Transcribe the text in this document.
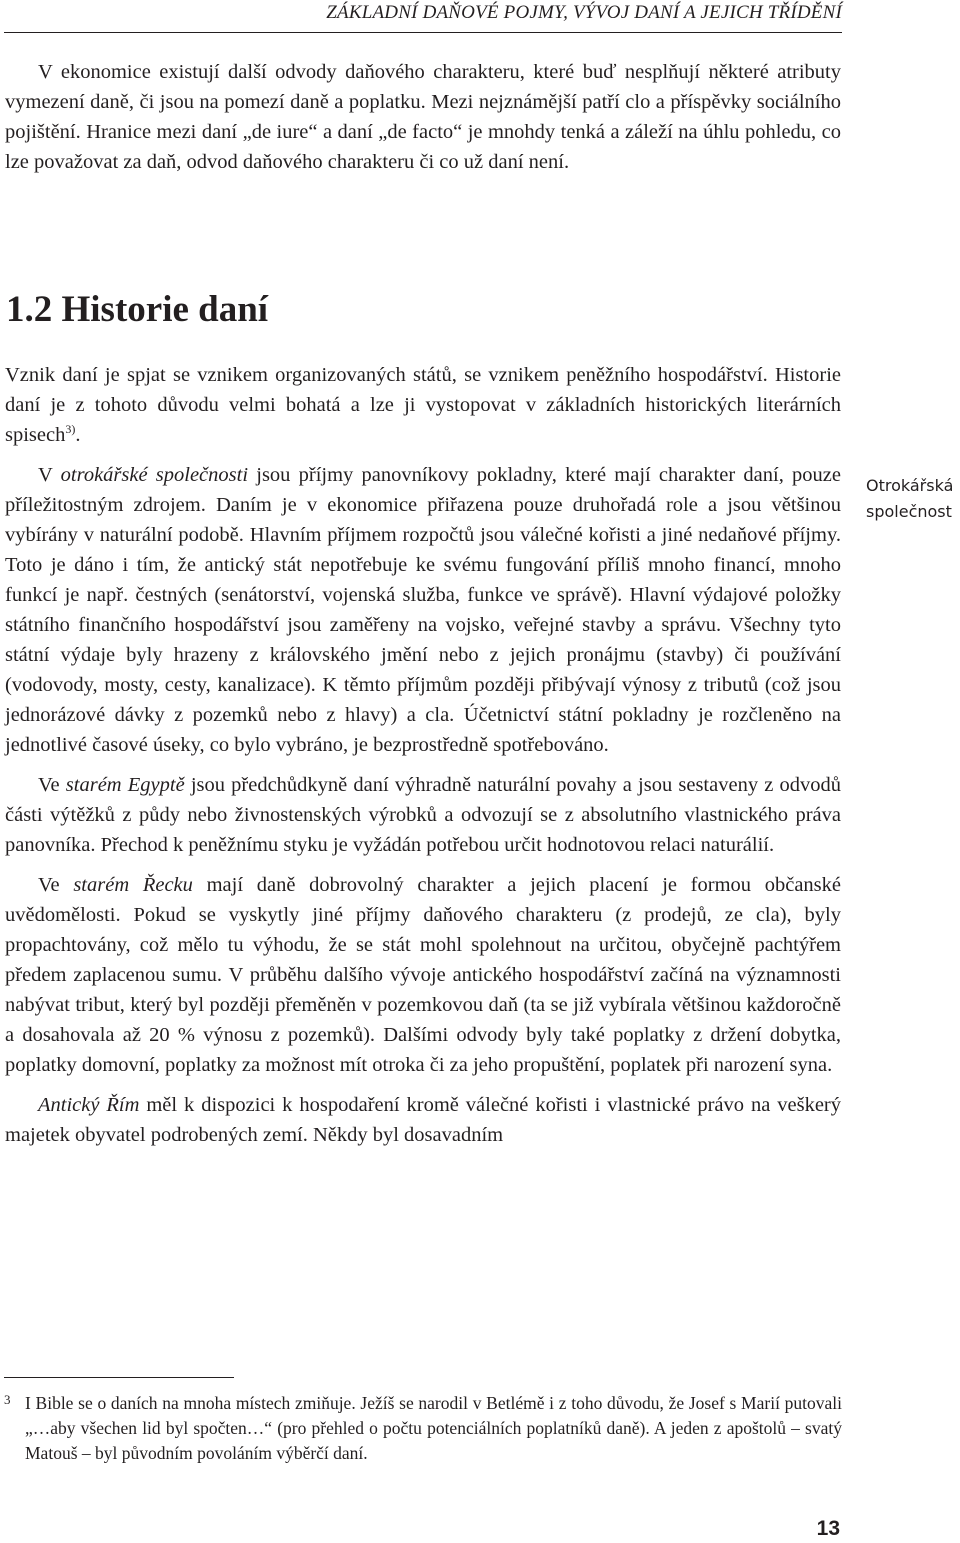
ZÁKLADNÍ DAŇOVÉ POJMY, VÝVOJ DANÍ A JEJICH TŘÍDĚNÍ

V ekonomice existují další odvody daňového charakteru, které buď nesplňují některé atributy vymezení daně, či jsou na pomezí daně a poplatku. Mezi nejznámější patří clo a příspěvky sociálního pojištění. Hranice mezi daní „de iure“ a daní „de facto“ je mnohdy tenká a záleží na úhlu pohledu, co lze považovat za daň, odvod daňového charakteru či co už daní není.

1.2 Historie daní

Vznik daní je spjat se vznikem organizovaných států, se vznikem peněžního hospodářství. Historie daní je z tohoto důvodu velmi bohatá a lze ji vystopovat v základních historických literárních spisech$^{3)}$.

V otrokářské společnosti jsou příjmy panovníkovy pokladny, které mají charakter daní, pouze příležitostným zdrojem. Daním je v ekonomice přiřazena pouze druhořadá role a jsou většinou vybírány v naturální podobě. Hlavním příjmem rozpočtů jsou válečné kořisti a jiné nedaňové příjmy. Toto je dáno i tím, že antický stát nepotřebuje ke svému fungování příliš mnoho financí, mnoho funkcí je např. čestných (senátorství, vojenská služba, funkce ve správě). Hlavní výdajové položky státního finančního hospodářství jsou zaměřeny na vojsko, veřejné stavby a správu. Všechny tyto státní výdaje byly hrazeny z královského jmění nebo z jejich pronájmu (stavby) či používání (vodovody, mosty, cesty, kanalizace). K těmto příjmům později přibývají výnosy z tributů (což jsou jednorázové dávky z pozemků nebo z hlavy) a cla. Účetnictví státní pokladny je rozčleněno na jednotlivé časové úseky, co bylo vybráno, je bezprostředně spotřebováno.

Ve starém Egyptě jsou předchůdkyně daní výhradně naturální povahy a jsou sestaveny z odvodů části výtěžků z půdy nebo živnostenských výrobků a odvozují se z absolutního vlastnického práva panovníka. Přechod k peněžnímu styku je vyžádán potřebou určit hodnotovou relaci naturálií.

Ve starém Řecku mají daně dobrovolný charakter a jejich placení je formou občanské uvědomělosti. Pokud se vyskytly jiné příjmy daňového charakteru (z prodejů, ze cla), byly propachtovány, což mělo tu výhodu, že se stát mohl spolehnout na určitou, obyčejně pachtýřem předem zaplacenou sumu. V průběhu dalšího vývoje antického hospodářství začíná na významnosti nabývat tribut, který byl později přeměněn v pozemkovou daň (ta se již vybírala většinou každoročně a dosahovala až 20 % výnosu z pozemků). Dalšími odvody byly také poplatky z držení dobytka, poplatky domovní, poplatky za možnost mít otroka či za jeho propuštění, poplatek při narození syna.

Antický Řím měl k dispozici k hospodaření kromě válečné kořisti i vlastnické právo na veškerý majetek obyvatel podrobených zemí. Někdy byl dosavadním

Otrokářská společnost
3 I Bible se o daních na mnoha místech zmiňuje. Ježíš se narodil v Betlémě i z toho důvodu, že Josef s Marií putovali „…aby všechen lid byl spočten…“ (pro přehled o počtu potenciálních poplatníků daně). A jeden z apoštolů – svatý Matouš – byl původním povoláním výběrčí daní.
13
